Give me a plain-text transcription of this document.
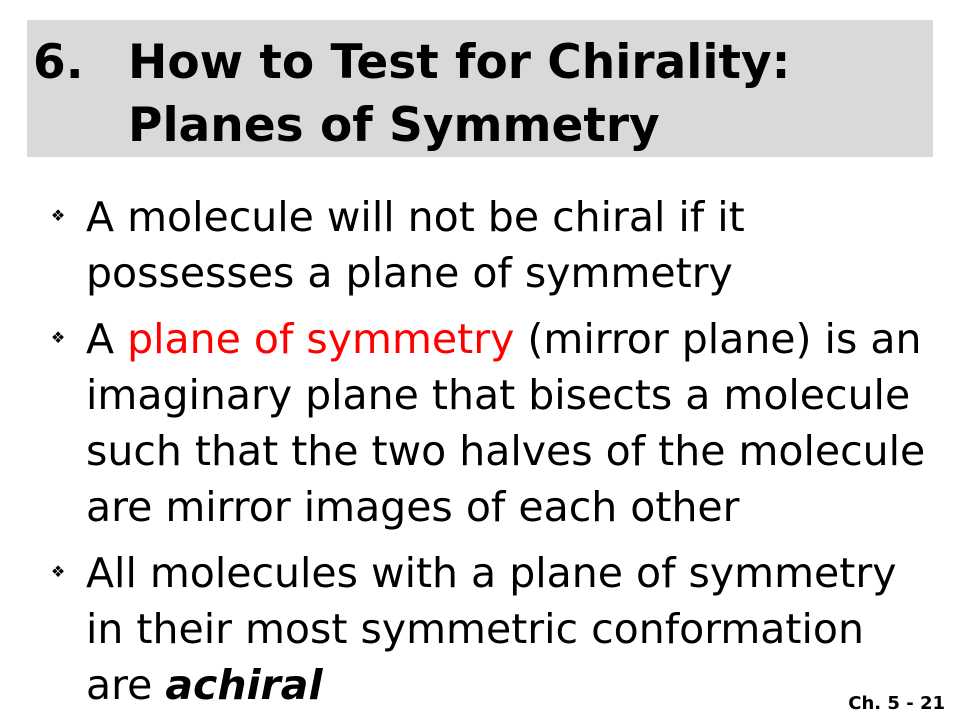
6. How to Test for Chirality:
Planes of Symmetry
❖
A molecule will not be chiral if it
possesses a plane of symmetry
❖
A plane of symmetry (mirror plane) is an
imaginary plane that bisects a molecule
such that the two halves of the molecule
are mirror images of each other
❖
All molecules with a plane of symmetry
in their most symmetric conformation
are achiral	Ch. 5 - 21
